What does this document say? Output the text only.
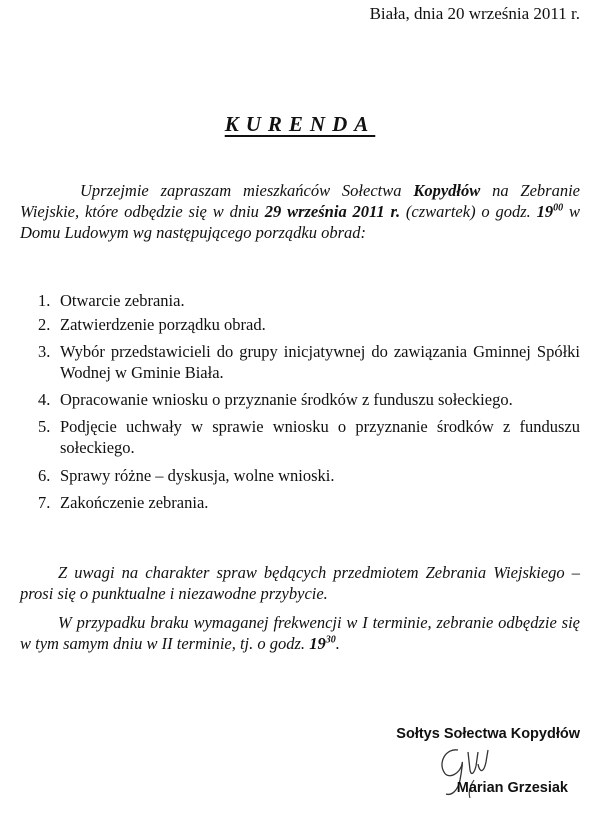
Biała, dnia 20 września 2011 r.
KURENDA

Uprzejmie zapraszam mieszkańców Sołectwa Kopydłów na Zebranie Wiejskie, które odbędzie się w dniu 29 września 2011 r. (czwartek) o godz. $19^{00}$ w Domu Ludowym wg następującego porządku obrad:

1. Otwarcie zebrania.
2. Zatwierdzenie porządku obrad.
3. Wybór przedstawicieli do grupy inicjatywnej do zawiązania Gminnej Spółki Wodnej w Gminie Biała.
4. Opracowanie wniosku o przyznanie środków z funduszu sołeckiego.
5. Podjęcie uchwały w sprawie wniosku o przyznanie środków z funduszu sołeckiego.
6. Sprawy różne – dyskusja, wolne wnioski.
7. Zakończenie zebrania.

Z uwagi na charakter spraw będących przedmiotem Zebrania Wiejskiego – prosi się o punktualne i niezawodne przybycie.

W przypadku braku wymaganej frekwencji w I terminie, zebranie odbędzie się w tym samym dniu w II terminie, tj. o godz. $19^{30}$.

Sołtys Sołectwa Kopydłów
Marian Grzesiak
